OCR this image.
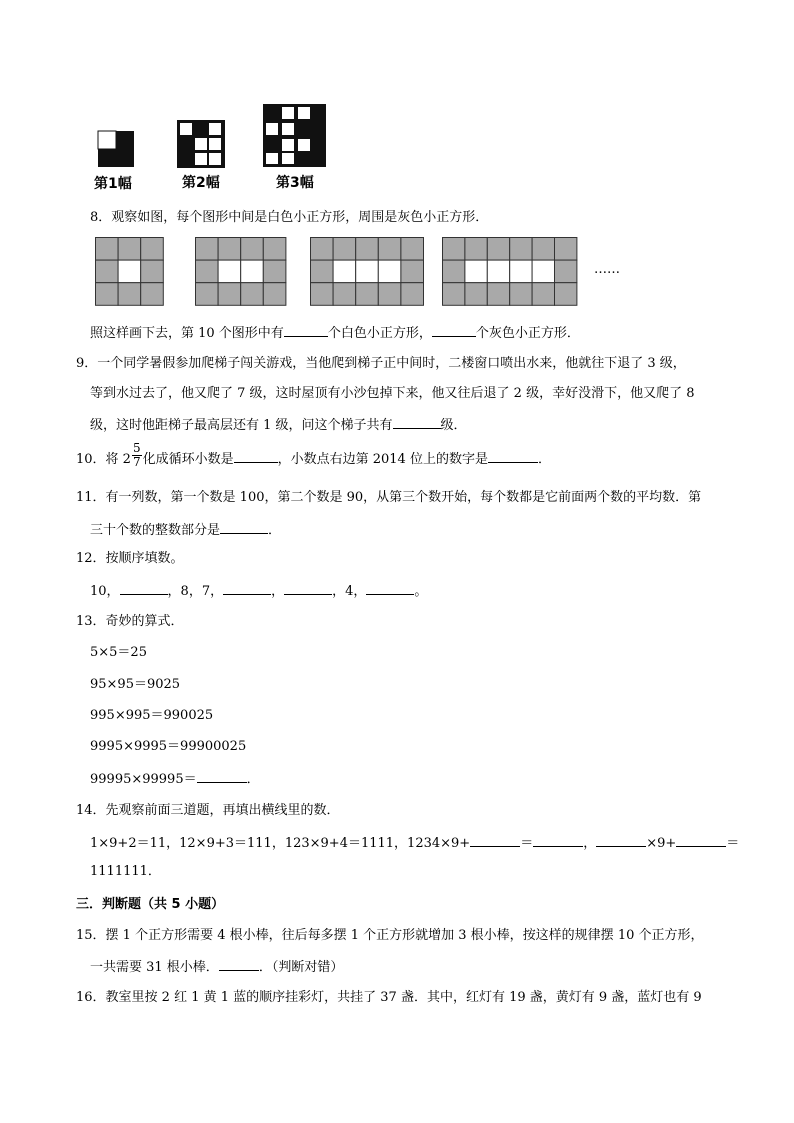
第1幅	第2幅	第3幅
8．观察如图，每个图形中间是白色小正方形，周围是灰色小正方形．
……
照这样画下去，第 10 个图形中有	个白色小正方形，	个灰色小正方形．
9．一个同学暑假参加爬梯子闯关游戏，当他爬到梯子正中间时，二楼窗口喷出水来，他就往下退了 3 级，
等到水过去了，他又爬了 7 级，这时屋顶有小沙包掉下来，他又往后退了 2 级，幸好没滑下，他又爬了 8
级，这时他距梯子最高层还有 1 级，问这个梯子共有	级．
10．将 $2 \frac{5}{7}$ 化成循环小数是	，小数点右边第 2014 位上的数字是	．
11．有一列数，第一个数是 100，第二个数是 90，从第三个数开始，每个数都是它前面两个数的平均数．第
三十个数的整数部分是	．
12．按顺序填数。
10，	，8，7，	，	，4，	。
13．奇妙的算式．
5×5＝25
95×95＝9025
995×995＝990025
9995×9995＝99900025
99995×99995＝	．
14．先观察前面三道题，再填出横线里的数．
1×9+2＝11，12×9+3＝111，123×9+4＝1111，1234×9+	＝	，	×9+	＝
1111111．
三．判断题（共 5 小题）
15．摆 1 个正方形需要 4 根小棒，往后每多摆 1 个正方形就增加 3 根小棒，按这样的规律摆 10 个正方形，
一共需要 31 根小棒．	．（判断对错）
16．教室里按 2 红 1 黄 1 蓝的顺序挂彩灯，共挂了 37 盏．其中，红灯有 19 盏，黄灯有 9 盏，蓝灯也有 9
